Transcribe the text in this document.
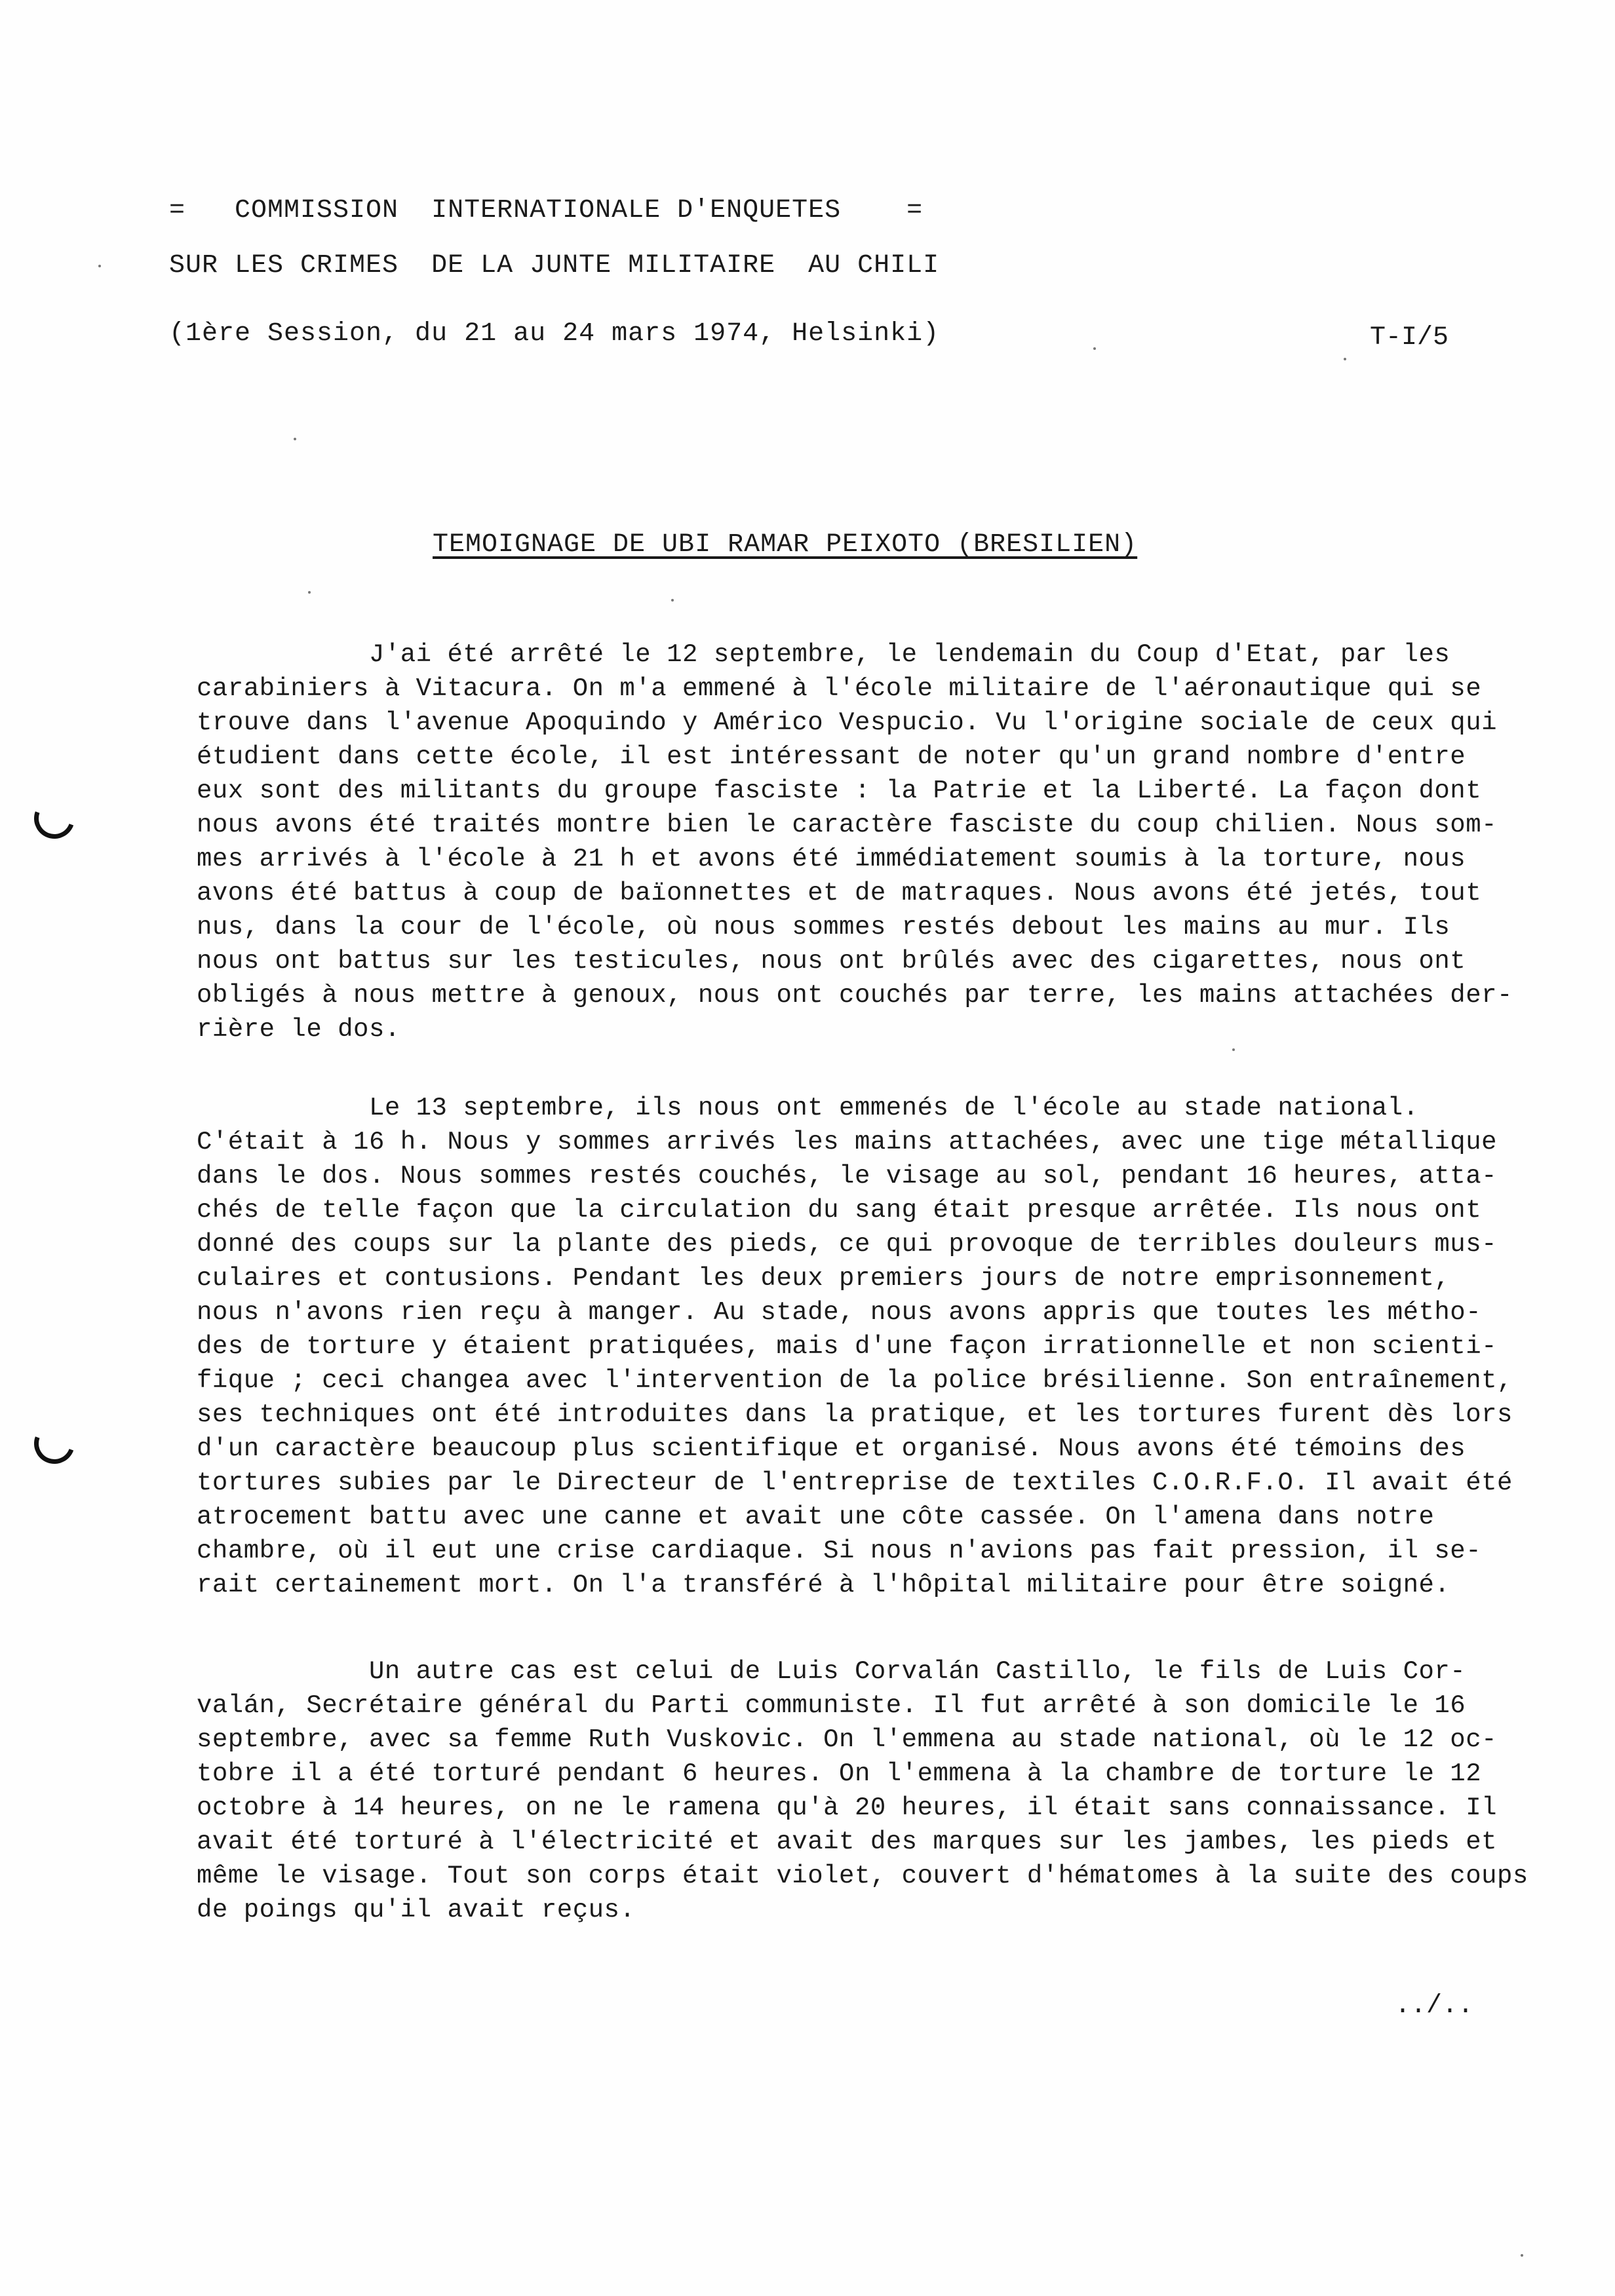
=   COMMISSION  INTERNATIONALE D'ENQUETES    =
SUR LES CRIMES  DE LA JUNTE MILITAIRE  AU CHILI
(1ère Session, du 21 au 24 mars 1974, Helsinki)	T-I/5
TEMOIGNAGE DE UBI RAMAR PEIXOTO (BRESILIEN)
J'ai été arrêté le 12 septembre, le lendemain du Coup d'Etat, par les
carabiniers à Vitacura. On m'a emmené à l'école militaire de l'aéronautique qui se
trouve dans l'avenue Apoquindo y Américo Vespucio. Vu l'origine sociale de ceux qui
étudient dans cette école, il est intéressant de noter qu'un grand nombre d'entre
eux sont des militants du groupe fasciste : la Patrie et la Liberté. La façon dont
nous avons été traités montre bien le caractère fasciste du coup chilien. Nous som-
mes arrivés à l'école à 21 h et avons été immédiatement soumis à la torture, nous
avons été battus à coup de baïonnettes et de matraques. Nous avons été jetés, tout
nus, dans la cour de l'école, où nous sommes restés debout les mains au mur. Ils
nous ont battus sur les testicules, nous ont brûlés avec des cigarettes, nous ont
obligés à nous mettre à genoux, nous ont couchés par terre, les mains attachées der-
rière le dos.
Le 13 septembre, ils nous ont emmenés de l'école au stade national.
C'était à 16 h. Nous y sommes arrivés les mains attachées, avec une tige métallique
dans le dos. Nous sommes restés couchés, le visage au sol, pendant 16 heures, atta-
chés de telle façon que la circulation du sang était presque arrêtée. Ils nous ont
donné des coups sur la plante des pieds, ce qui provoque de terribles douleurs mus-
culaires et contusions. Pendant les deux premiers jours de notre emprisonnement,
nous n'avons rien reçu à manger. Au stade, nous avons appris que toutes les métho-
des de torture y étaient pratiquées, mais d'une façon irrationnelle et non scienti-
fique ; ceci changea avec l'intervention de la police brésilienne. Son entraînement,
ses techniques ont été introduites dans la pratique, et les tortures furent dès lors
d'un caractère beaucoup plus scientifique et organisé. Nous avons été témoins des
tortures subies par le Directeur de l'entreprise de textiles C.O.R.F.O. Il avait été
atrocement battu avec une canne et avait une côte cassée. On l'amena dans notre
chambre, où il eut une crise cardiaque. Si nous n'avions pas fait pression, il se-
rait certainement mort. On l'a transféré à l'hôpital militaire pour être soigné.
Un autre cas est celui de Luis Corvalán Castillo, le fils de Luis Cor-
valán, Secrétaire général du Parti communiste. Il fut arrêté à son domicile le 16
septembre, avec sa femme Ruth Vuskovic. On l'emmena au stade national, où le 12 oc-
tobre il a été torturé pendant 6 heures. On l'emmena à la chambre de torture le 12
octobre à 14 heures, on ne le ramena qu'à 20 heures, il était sans connaissance. Il
avait été torturé à l'électricité et avait des marques sur les jambes, les pieds et
même le visage. Tout son corps était violet, couvert d'hématomes à la suite des coups
de poings qu'il avait reçus.
../..
